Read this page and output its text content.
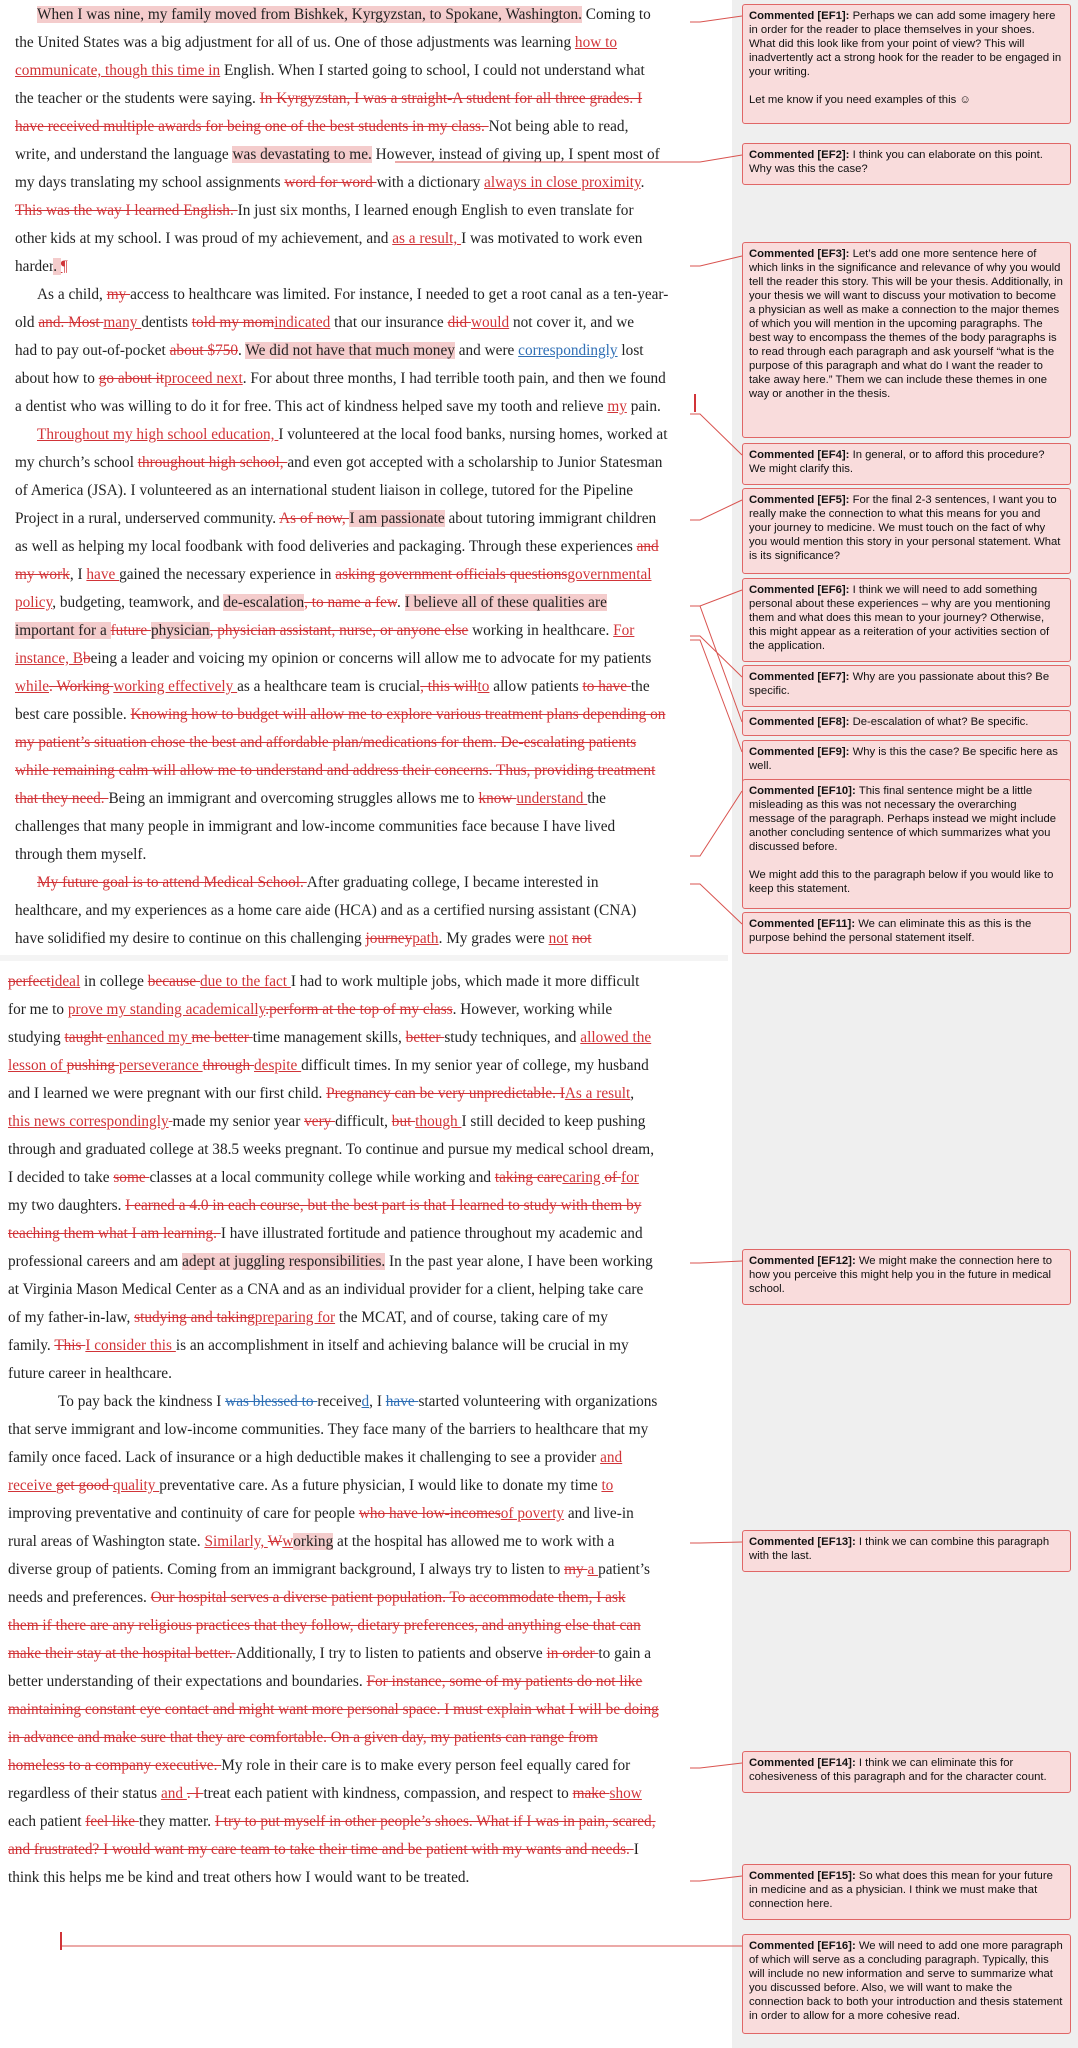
When I was nine, my family moved from Bishkek, Kyrgyzstan, to Spokane, Washington. Coming to
the United States was a big adjustment for all of us. One of those adjustments was learning how to
communicate, though this time in English. When I started going to school, I could not understand what
the teacher or the students were saying. In Kyrgyzstan, I was a straight-A student for all three grades. I
have received multiple awards for being one of the best students in my class. Not being able to read,
write, and understand the language was devastating to me. However, instead of giving up, I spent most of
my days translating my school assignments word for word with a dictionary always in close proximity.
This was the way I learned English. In just six months, I learned enough English to even translate for
other kids at my school. I was proud of my achievement, and as a result, I was motivated to work even
harder. ¶
As a child, my access to healthcare was limited. For instance, I needed to get a root canal as a ten-year-
old and. Most many dentists told my momindicated that our insurance did would not cover it, and we
had to pay out-of-pocket about $750. We did not have that much money and were correspondingly lost
about how to go about itproceed next. For about three months, I had terrible tooth pain, and then we found
a dentist who was willing to do it for free. This act of kindness helped save my tooth and relieve my pain.
Throughout my high school education, I volunteered at the local food banks, nursing homes, worked at
my church’s school throughout high school, and even got accepted with a scholarship to Junior Statesman
of America (JSA). I volunteered as an international student liaison in college, tutored for the Pipeline
Project in a rural, underserved community. As of now, I am passionate about tutoring immigrant children
as well as helping my local foodbank with food deliveries and packaging. Through these experiences and
my work, I have gained the necessary experience in asking government officials questionsgovernmental
policy, budgeting, teamwork, and de-escalation, to name a few. I believe all of these qualities are
important for a future physician, physician assistant, nurse, or anyone else working in healthcare. For
instance, Bbeing a leader and voicing my opinion or concerns will allow me to advocate for my patients
while. Working working effectively as a healthcare team is crucial, this willto allow patients to have the
best care possible. Knowing how to budget will allow me to explore various treatment plans depending on
my patient’s situation chose the best and affordable plan/medications for them. De-escalating patients
while remaining calm will allow me to understand and address their concerns. Thus, providing treatment
that they need. Being an immigrant and overcoming struggles allows me to know understand the
challenges that many people in immigrant and low-income communities face because I have lived
through them myself.
My future goal is to attend Medical School. After graduating college, I became interested in
healthcare, and my experiences as a home care aide (HCA) and as a certified nursing assistant (CNA)
have solidified my desire to continue on this challenging journeypath. My grades were not not
perfectideal in college because due to the fact I had to work multiple jobs, which made it more difficult
for me to prove my standing academically.perform at the top of my class. However, working while
studying taught enhanced my me better time management skills, better study techniques, and allowed the
lesson of pushing perseverance through despite difficult times. In my senior year of college, my husband
and I learned we were pregnant with our first child. Pregnancy can be very unpredictable. IAs a result,
this news correspondingly made my senior year very difficult, but though I still decided to keep pushing
through and graduated college at 38.5 weeks pregnant. To continue and pursue my medical school dream,
I decided to take some classes at a local community college while working and taking carecaring of for
my two daughters. I earned a 4.0 in each course, but the best part is that I learned to study with them by
teaching them what I am learning. I have illustrated fortitude and patience throughout my academic and
professional careers and am adept at juggling responsibilities. In the past year alone, I have been working
at Virginia Mason Medical Center as a CNA and as an individual provider for a client, helping take care
of my father-in-law, studying and takingpreparing for the MCAT, and of course, taking care of my
family. This I consider this is an accomplishment in itself and achieving balance will be crucial in my
future career in healthcare.
To pay back the kindness I was blessed to received, I have started volunteering with organizations
that serve immigrant and low-income communities. They face many of the barriers to healthcare that my
family once faced. Lack of insurance or a high deductible makes it challenging to see a provider and
receive get good quality preventative care. As a future physician, I would like to donate my time to
improving preventative and continuity of care for people who have low-incomesof poverty and live-in
rural areas of Washington state. Similarly, Wworking at the hospital has allowed me to work with a
diverse group of patients. Coming from an immigrant background, I always try to listen to my a patient’s
needs and preferences. Our hospital serves a diverse patient population. To accommodate them, I ask
them if there are any religious practices that they follow, dietary preferences, and anything else that can
make their stay at the hospital better. Additionally, I try to listen to patients and observe in order to gain a
better understanding of their expectations and boundaries. For instance, some of my patients do not like
maintaining constant eye contact and might want more personal space. I must explain what I will be doing
in advance and make sure that they are comfortable. On a given day, my patients can range from
homeless to a company executive. My role in their care is to make every person feel equally cared for
regardless of their status and . I treat each patient with kindness, compassion, and respect to make show
each patient feel like they matter. I try to put myself in other people’s shoes. What if I was in pain, scared,
and frustrated? I would want my care team to take their time and be patient with my wants and needs. I
think this helps me be kind and treat others how I would want to be treated.

Commented [EF1]: Perhaps we can add some imagery here in order for the reader to place themselves in your shoes. What did this look like from your point of view? This will inadvertently act a strong hook for the reader to be engaged in your writing.

Let me know if you need examples of this ☺

Commented [EF2]: I think you can elaborate on this point. Why was this the case?

Commented [EF3]: Let’s add one more sentence here of which links in the significance and relevance of why you would tell the reader this story. This will be your thesis. Additionally, in your thesis we will want to discuss your motivation to become a physician as well as make a connection to the major themes of which you will mention in the upcoming paragraphs. The best way to encompass the themes of the body paragraphs is to read through each paragraph and ask yourself “what is the purpose of this paragraph and what do I want the reader to take away here.” Them we can include these themes in one way or another in the thesis.

Commented [EF4]: In general, or to afford this procedure? We might clarify this.

Commented [EF5]: For the final 2-3 sentences, I want you to really make the connection to what this means for you and your journey to medicine. We must touch on the fact of why you would mention this story in your personal statement. What is its significance?

Commented [EF6]: I think we will need to add something personal about these experiences – why are you mentioning them and what does this mean to your journey? Otherwise, this might appear as a reiteration of your activities section of the application.

Commented [EF7]: Why are you passionate about this? Be specific.

Commented [EF8]: De-escalation of what? Be specific.

Commented [EF9]: Why is this the case? Be specific here as well.

Commented [EF10]: This final sentence might be a little misleading as this was not necessary the overarching message of the paragraph. Perhaps instead we might include another concluding sentence of which summarizes what you discussed before.

We might add this to the paragraph below if you would like to keep this statement.

Commented [EF11]: We can eliminate this as this is the purpose behind the personal statement itself.

Commented [EF12]: We might make the connection here to how you perceive this might help you in the future in medical school.

Commented [EF13]: I think we can combine this paragraph with the last.

Commented [EF14]: I think we can eliminate this for cohesiveness of this paragraph and for the character count.

Commented [EF15]: So what does this mean for your future in medicine and as a physician. I think we must make that connection here.

Commented [EF16]: We will need to add one more paragraph of which will serve as a concluding paragraph. Typically, this will include no new information and serve to summarize what you discussed before. Also, we will want to make the connection back to both your introduction and thesis statement in order to allow for a more cohesive read.
